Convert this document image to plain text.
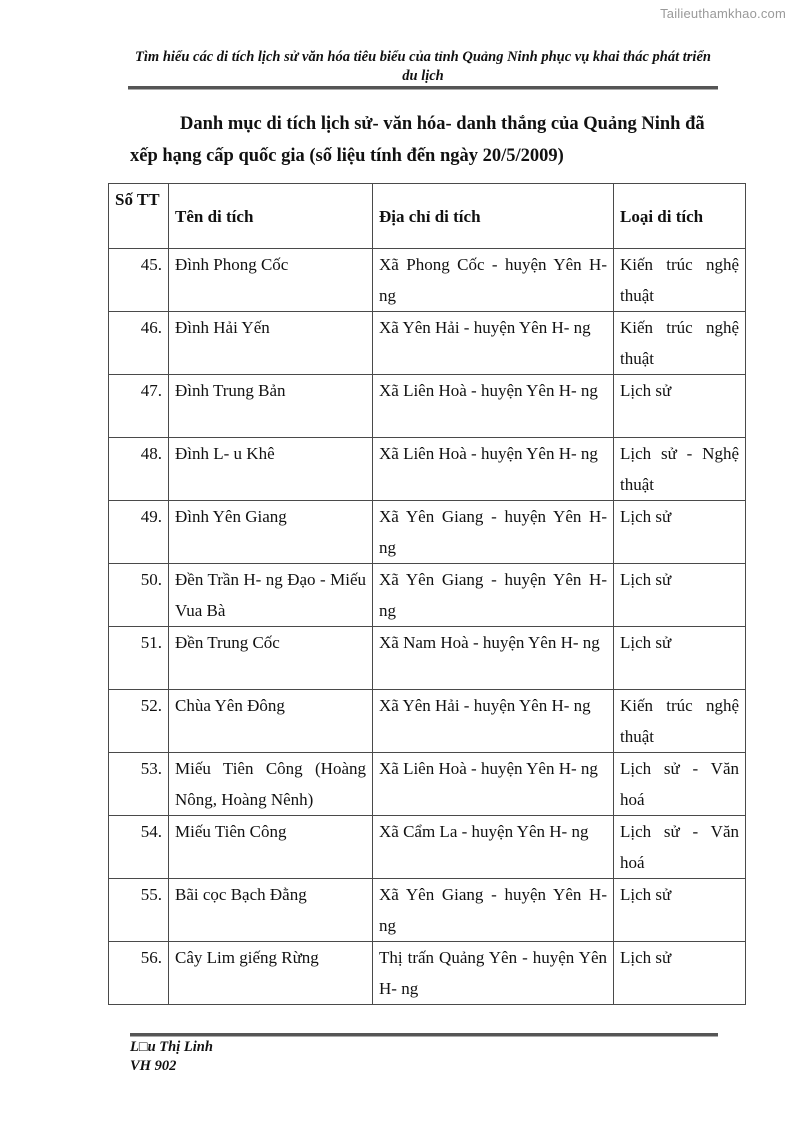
Tailieuthamkhao.com
Tìm hiểu các di tích lịch sử văn hóa tiêu biểu của tỉnh Quảng Ninh phục vụ khai thác phát triển du lịch
Danh mục di tích lịch sử- văn hóa- danh thắng của Quảng Ninh đã
xếp hạng cấp quốc gia (số liệu tính đến ngày 20/5/2009)
Số TT	Tên di tích	Địa chỉ di tích	Loại di tích
45.	Đình Phong Cốc	Xã Phong Cốc - huyện Yên H- ng	Kiến trúc nghệ thuật
46.	Đình Hải Yến	Xã Yên Hải - huyện Yên H- ng	Kiến trúc nghệ thuật
47.	Đình Trung Bản	Xã Liên Hoà - huyện Yên H- ng	Lịch sử
48.	Đình L- u Khê	Xã Liên Hoà - huyện Yên H- ng	Lịch sử - Nghệ thuật
49.	Đình Yên Giang	Xã Yên Giang - huyện Yên H- ng	Lịch sử
50.	Đền Trần H- ng Đạo - Miếu Vua Bà	Xã Yên Giang - huyện Yên H- ng	Lịch sử
51.	Đền Trung Cốc	Xã Nam Hoà - huyện Yên H- ng	Lịch sử
52.	Chùa Yên Đông	Xã Yên Hải - huyện Yên H- ng	Kiến trúc nghệ thuật
53.	Miếu Tiên Công (Hoàng Nông, Hoàng Nênh)	Xã Liên Hoà - huyện Yên H- ng	Lịch sử - Văn hoá
54.	Miếu Tiên Công	Xã Cẩm La - huyện Yên H- ng	Lịch sử - Văn hoá
55.	Bãi cọc Bạch Đằng	Xã Yên Giang - huyện Yên H- ng	Lịch sử
56.	Cây Lim giếng Rừng	Thị trấn Quảng Yên - huyện Yên H- ng	Lịch sử
L□u Thị Linh
VH 902
